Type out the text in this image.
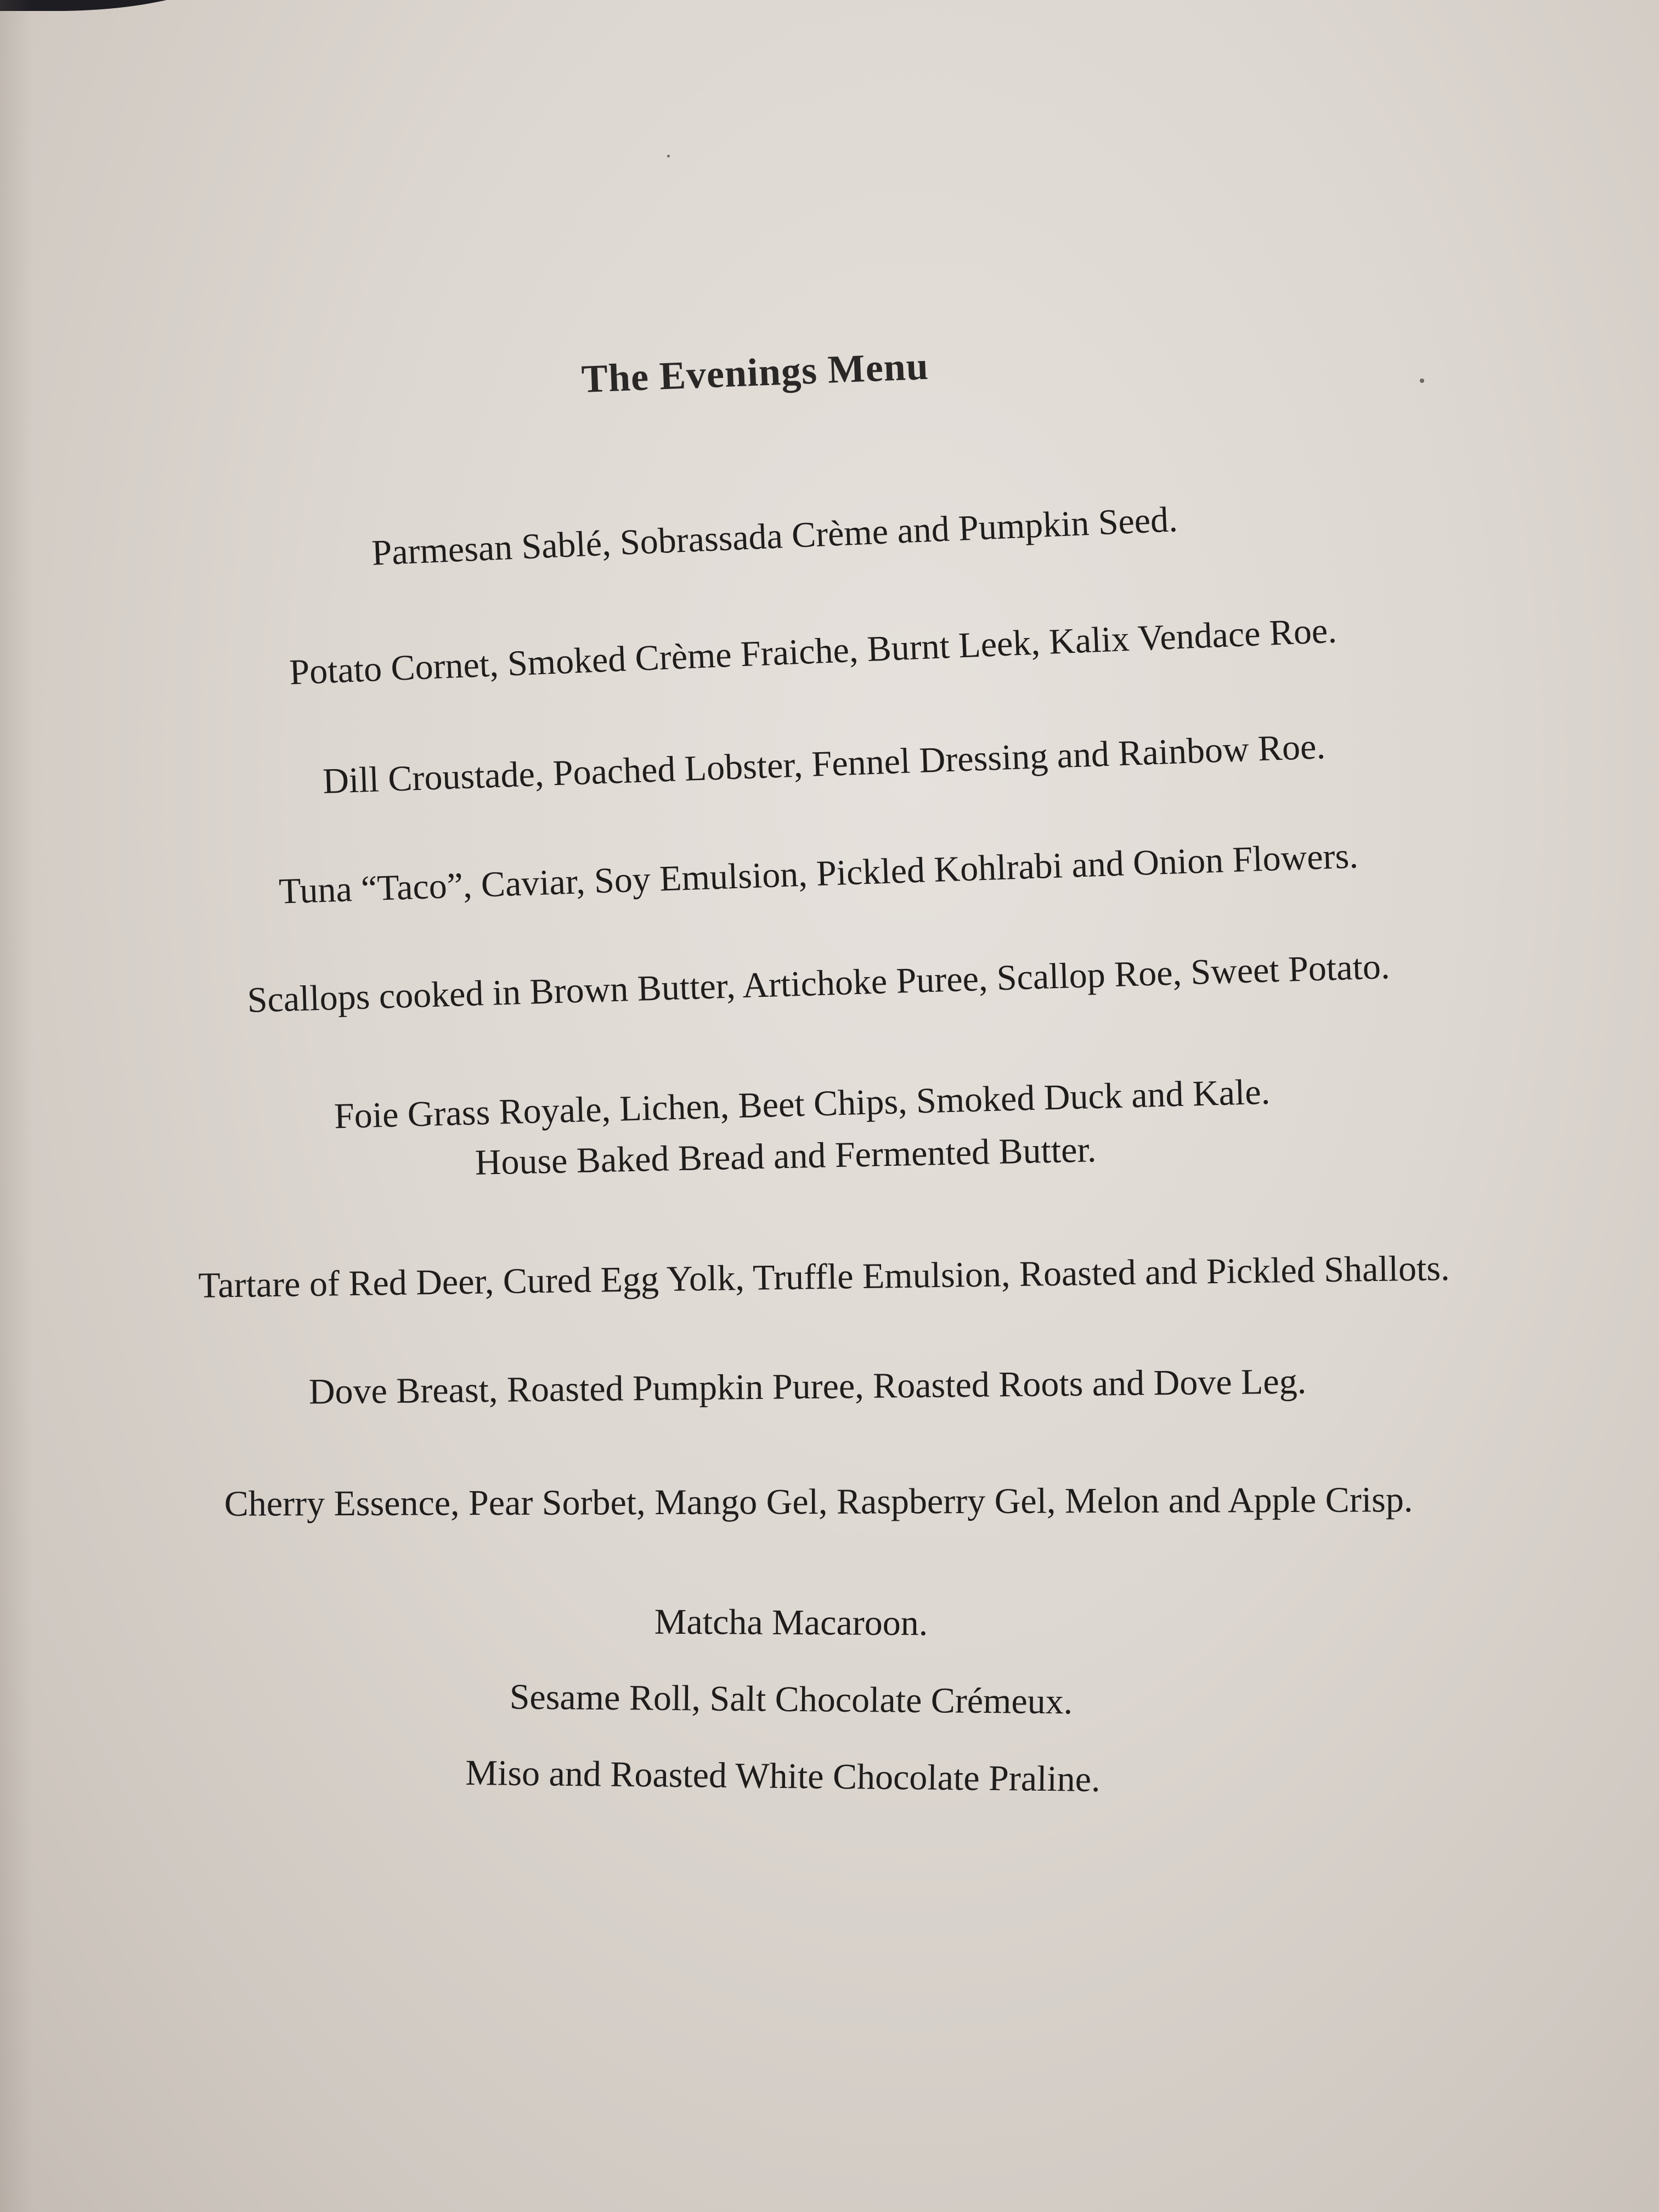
The Evenings Menu
Parmesan Sablé, Sobrassada Crème and Pumpkin Seed.
Potato Cornet, Smoked Crème Fraiche, Burnt Leek, Kalix Vendace Roe.
Dill Croustade, Poached Lobster, Fennel Dressing and Rainbow Roe.
Tuna “Taco”, Caviar, Soy Emulsion, Pickled Kohlrabi and Onion Flowers.
Scallops cooked in Brown Butter, Artichoke Puree, Scallop Roe, Sweet Potato.
Foie Grass Royale, Lichen, Beet Chips, Smoked Duck and Kale.
House Baked Bread and Fermented Butter.
Tartare of Red Deer, Cured Egg Yolk, Truffle Emulsion, Roasted and Pickled Shallots.
Dove Breast, Roasted Pumpkin Puree, Roasted Roots and Dove Leg.
Cherry Essence, Pear Sorbet, Mango Gel, Raspberry Gel, Melon and Apple Crisp.
Matcha Macaroon.
Sesame Roll, Salt Chocolate Crémeux.
Miso and Roasted White Chocolate Praline.
